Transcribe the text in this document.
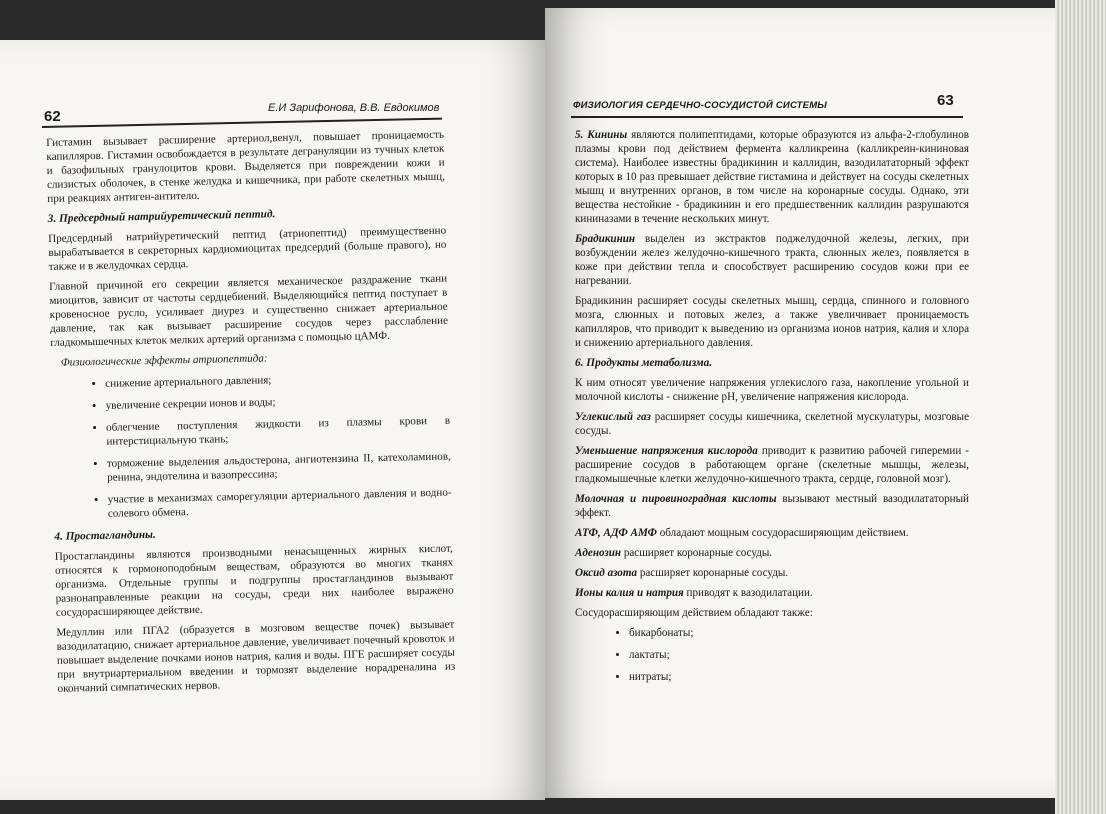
62	Е.И Зарифонова, В.В. Евдокимов

Гистамин вызывает расширение артериол,венул, повышает проницаемость капилляров. Гистамин освобождается в результате дегрануляции из тучных клеток и базофильных гранулоцитов крови. Выделяется при повреждении кожи и слизистых оболочек, в стенке желудка и кишечника, при работе скелетных мышц, при реакциях антиген-антитело.

3. Предсердный натрийуретический пептид.

Предсердный натрийуретический пептид (атриопептид) преимущественно вырабатывается в секреторных кардиомиоцитах предсердий (больше правого), но также и в желудочках сердца.

Главной причиной его секреции является механическое раздражение ткани миоцитов, зависит от частоты сердцебиений. Выделяющийся пептид поступает в кровеносное русло, усиливает диурез и существенно снижает артериальное давление, так как вызывает расширение сосудов через расслабление гладкомышечных клеток мелких артерий организма с помощью цАМФ.

Физиологические эффекты атриопептида:
• снижение артериального давления;
• увеличение секреции ионов и воды;
• облегчение поступления жидкости из плазмы крови в интерстициальную ткань;
• торможение выделения альдостерона, ангиотензина II, катехоламинов, ренина, эндотелина и вазопрессина;
• участие в механизмах саморегуляции артериального давления и водно-солевого обмена.
4. Простагландины.

Простагландины являются производными ненасыщенных жирных кислот, относятся к гормоноподобным веществам, образуются во многих тканях организма. Отдельные группы и подгруппы простагландинов вызывают разнонаправленные реакции на сосуды, среди них наиболее выражено сосудорасширяющее действие.

Медуллин или ПГА2 (образуется в мозговом веществе почек) вызывает вазодилатацию, снижает артериальное давление, увеличивает почечный кровоток и повышает выделение почками ионов натрия, калия и воды. ПГЕ расширяет сосуды при внутриартериальном введении и тормозят выделение норадреналина из окончаний симпатических нервов.

ФИЗИОЛОГИЯ СЕРДЕЧНО-СОСУДИСТОЙ СИСТЕМЫ	63

5. Кинины являются полипептидами, которые образуются из альфа-2-глобулинов плазмы крови под действием фермента калликреина (калликреин-кининовая система). Наиболее известны брадикинин и каллидин, вазодилататорный эффект которых в 10 раз превышает действие гистамина и действует на сосуды скелетных мышц и внутренних органов, в том числе на коронарные сосуды. Однако, эти вещества нестойкие - брадикинин и его предшественник каллидин разрушаются кининазами в течение нескольких минут.

Брадикинин выделен из экстрактов поджелудочной железы, легких, при возбуждении желез желудочно-кишечного тракта, слюнных желез, появляется в коже при действии тепла и способствует расширению сосудов кожи при ее нагревании.

Брадикинин расширяет сосуды скелетных мышц, сердца, спинного и головного мозга, слюнных и потовых желез, а также увеличивает проницаемость капилляров, что приводит к выведению из организма ионов натрия, калия и хлора и снижению артериального давления.

6. Продукты метаболизма.

К ним относят увеличение напряжения углекислого газа, накопление угольной и молочной кислоты - снижение pH, увеличение напряжения кислорода.

Углекислый газ расширяет сосуды кишечника, скелетной мускулатуры, мозговые сосуды.

Уменьшение напряжения кислорода приводит к развитию рабочей гиперемии - расширение сосудов в работающем органе (скелетные мышцы, железы, гладкомышечные клетки желудочно-кишечного тракта, сердце, головной мозг).

Молочная и пировиноградная кислоты вызывают местный вазодилататорный эффект.

АТФ, АДФ АМФ обладают мощным сосудорасширяющим действием.

Аденозин расширяет коронарные сосуды.

Оксид азота расширяет коронарные сосуды.

Ионы калия и натрия приводят к вазодилатации.

Сосудорасширяющим действием обладают также:

• бикарбонаты;
• лактаты;
• нитраты;
